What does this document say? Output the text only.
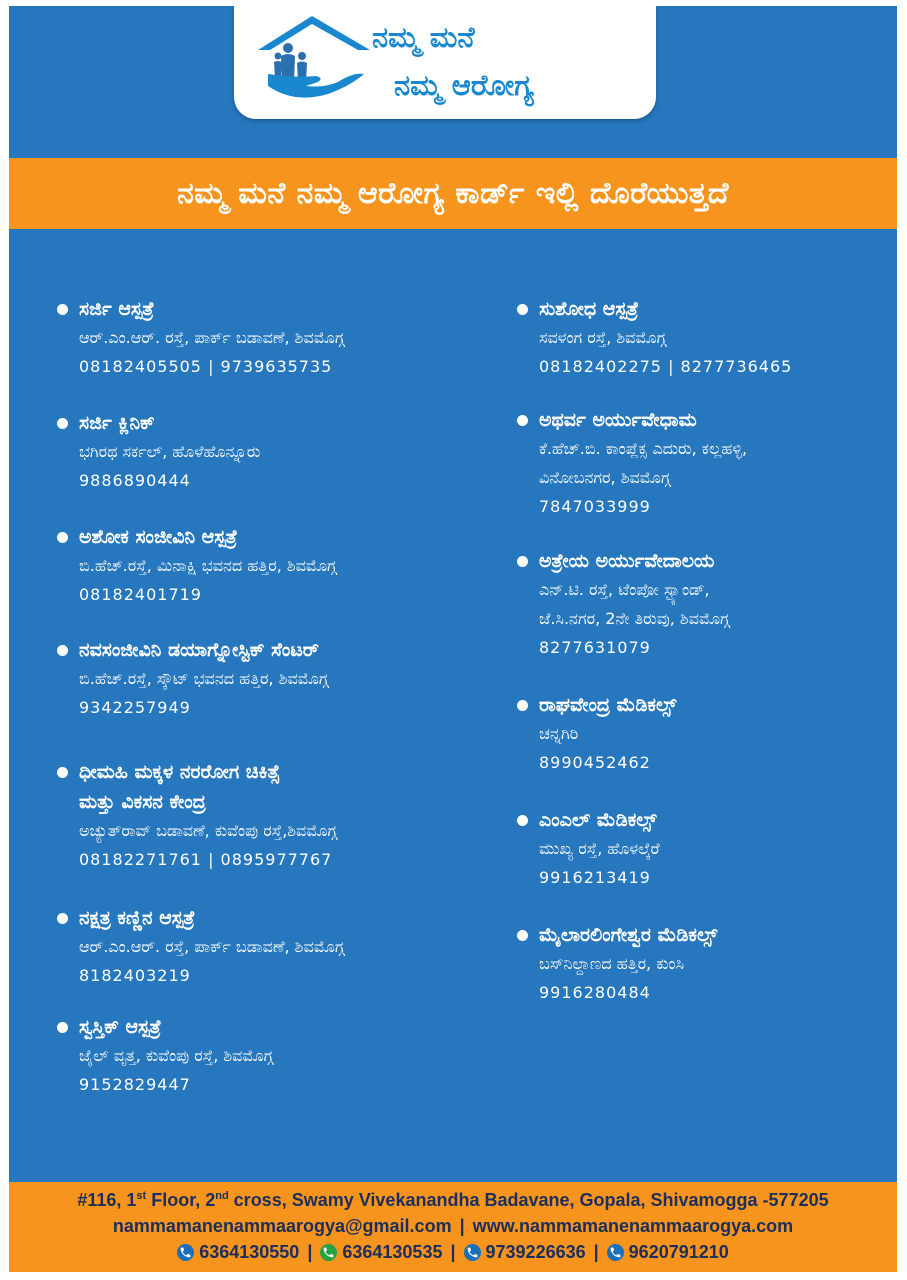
ನಮ್ಮ ಮನೆ
ನಮ್ಮ ಆರೋಗ್ಯ
ನಮ್ಮ ಮನೆ ನಮ್ಮ ಆರೋಗ್ಯ ಕಾರ್ಡ್ ಇಲ್ಲಿ ದೊರೆಯುತ್ತದೆ
ಸರ್ಜಿ ಆಸ್ಪತ್ರೆ
ಆರ್.ಎಂ.ಆರ್. ರಸ್ತೆ, ಪಾರ್ಕ್ ಬಡಾವಣೆ, ಶಿವಮೊಗ್ಗ
08182405505 | 9739635735
ಸರ್ಜಿ ಕ್ಲಿನಿಕ್
ಭಗಿರಥ ಸರ್ಕಲ್, ಹೊಳೆಹೊನ್ನೂರು
9886890444
ಅಶೋಕ ಸಂಜೀವಿನಿ ಆಸ್ಪತ್ರೆ
ಬಿ.ಹೆಚ್.ರಸ್ತೆ, ಮಿನಾಕ್ಷಿ ಭವನದ ಹತ್ತಿರ, ಶಿವಮೊಗ್ಗ
08182401719
ನವಸಂಜೀವಿನಿ ಡಯಾಗ್ನೋಸ್ಟಿಕ್ ಸೆಂಟರ್
ಬಿ.ಹೆಚ್.ರಸ್ತೆ, ಸ್ಕೌಟ್ ಭವನದ ಹತ್ತಿರ, ಶಿವಮೊಗ್ಗ
9342257949
ಧೀಮಹಿ ಮಕ್ಕಳ ನರರೋಗ ಚಿಕಿತ್ಸೆ
ಮತ್ತು ವಿಕಸನ ಕೇಂದ್ರ
ಅಚ್ಯುತ್‌ರಾವ್ ಬಡಾವಣೆ, ಕುವೆಂಪು ರಸ್ತೆ,ಶಿವಮೊಗ್ಗ
08182271761 | 0895977767
ನಕ್ಷತ್ರ ಕಣ್ಣಿನ ಆಸ್ಪತ್ರೆ
ಆರ್.ಎಂ.ಆರ್. ರಸ್ತೆ, ಪಾರ್ಕ್ ಬಡಾವಣೆ, ಶಿವಮೊಗ್ಗ
8182403219
ಸ್ವಸ್ತಿಕ್ ಆಸ್ಪತ್ರೆ
ಜೈಲ್ ವೃತ್ತ, ಕುವೆಂಪು ರಸ್ತೆ, ಶಿವಮೊಗ್ಗ
9152829447
ಸುಶೋಧ ಆಸ್ಪತ್ರೆ
ಸವಳಂಗ ರಸ್ತೆ, ಶಿವಮೊಗ್ಗ
08182402275 | 8277736465
ಅಥರ್ವ ಅರ್ಯುವೇಧಾಮ
ಕೆ.ಹೆಚ್.ಬಿ. ಕಾಂಪ್ಲೆಕ್ಸ ಎದುರು, ಕಲ್ಲಹಳ್ಳಿ,
ವಿನೋಬನಗರ, ಶಿವಮೊಗ್ಗ
7847033999
ಅತ್ರೇಯ ಅರ್ಯುವೇದಾಲಯ
ಎನ್.ಟಿ. ರಸ್ತೆ, ಟೆಂಪೋ ಸ್ಟ್ಯಾಂಡ್,
ಜೆ.ಸಿ.ನಗರ, 2ನೇ ತಿರುವು, ಶಿವಮೊಗ್ಗ
8277631079
ರಾಘವೇಂದ್ರ ಮೆಡಿಕಲ್ಸ್
ಚನ್ನಗಿರಿ
8990452462
ಎಂಎಲ್ ಮೆಡಿಕಲ್ಸ್
ಮುಖ್ಯ ರಸ್ತೆ, ಹೊಳಲ್ಕೆರೆ
9916213419
ಮೈಲಾರಲಿಂಗೇಶ್ವರ ಮೆಡಿಕಲ್ಸ್
ಬಸ್‌ನಿಲ್ದಾಣದ ಹತ್ತಿರ, ಕುಂಸಿ
9916280484
#116, 1st Floor, 2nd cross, Swamy Vivekanandha Badavane, Gopala, Shivamogga -577205
nammamanenammaarogya@gmail.com | www.nammamanenammaarogya.com
6364130550 | 6364130535 | 9739226636 | 9620791210
